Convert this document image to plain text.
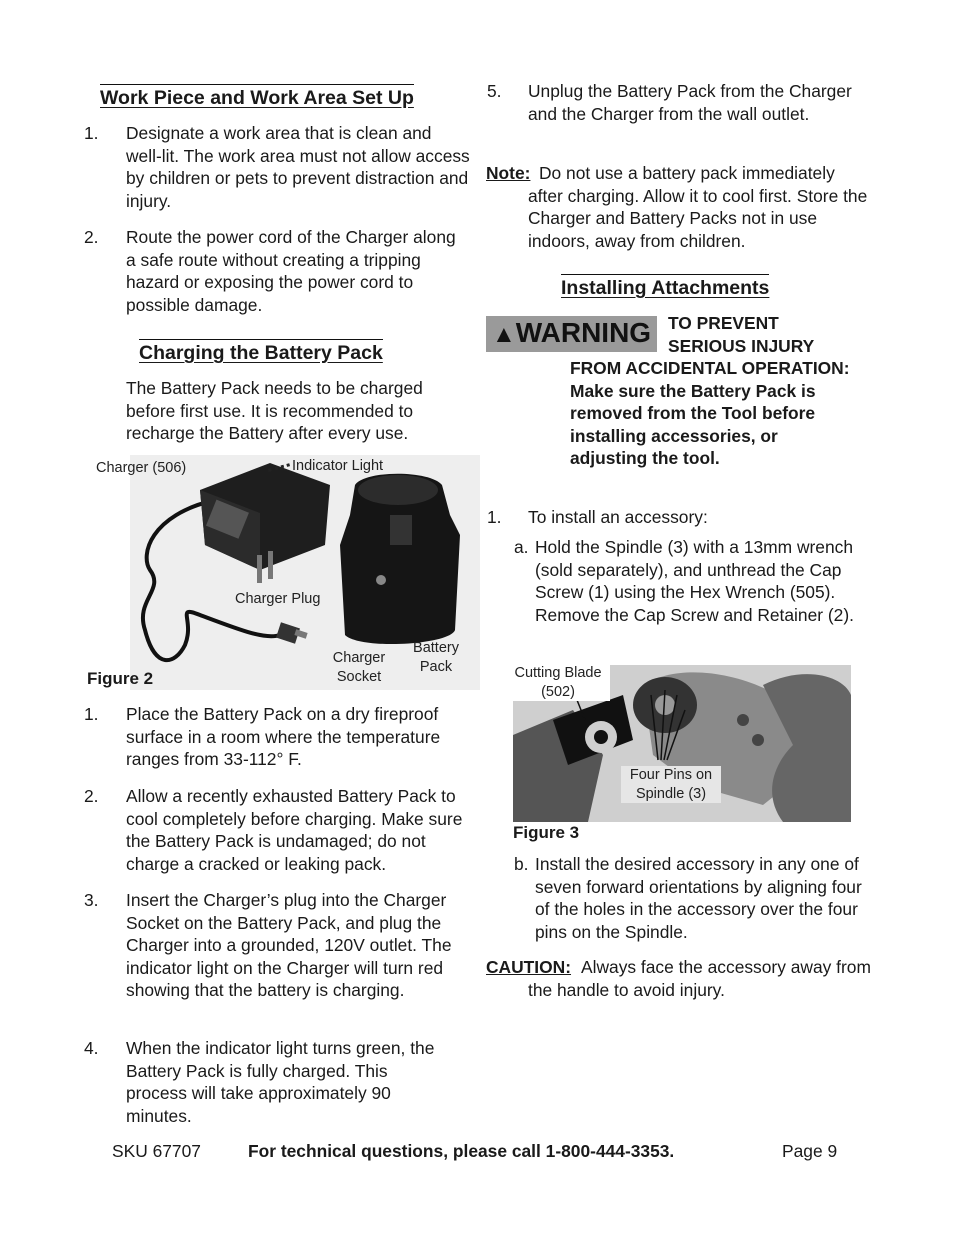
Work Piece and Work Area Set Up
1. Designate a work area that is clean and well-lit. The work area must not allow access by children or pets to prevent distraction and injury.
2. Route the power cord of the Charger along a safe route without creating a tripping hazard or exposing the power cord to possible damage.
Charging the Battery Pack
The Battery Pack needs to be charged before first use. It is recommended to recharge the Battery after every use.
Charger (506)	Indicator Light
Charger Plug
Charger Socket
Battery Pack
Figure 2
1. Place the Battery Pack on a dry fireproof surface in a room where the temperature ranges from 33-112° F.
2. Allow a recently exhausted Battery Pack to cool completely before charging. Make sure the Battery Pack is undamaged; do not charge a cracked or leaking pack.
3. Insert the Charger’s plug into the Charger Socket on the Battery Pack, and plug the Charger into a grounded, 120V outlet. The indicator light on the Charger will turn red showing that the battery is charging.
4. When the indicator light turns green, the Battery Pack is fully charged. This process will take approximately 90 minutes.
5. Unplug the Battery Pack from the Charger and the Charger from the wall outlet.
Note: Do not use a battery pack immediately after charging. Allow it to cool first. Store the Charger and Battery Packs not in use indoors, away from children.
Installing Attachments
▲WARNING TO PREVENT SERIOUS INJURY
FROM ACCIDENTAL OPERATION: Make sure the Battery Pack is removed from the Tool before installing accessories, or adjusting the tool.
1. To install an accessory:
a. Hold the Spindle (3) with a 13mm wrench (sold separately), and unthread the Cap Screw (1) using the Hex Wrench (505). Remove the Cap Screw and Retainer (2).
Cutting Blade (502)
Four Pins on Spindle (3)
Figure 3
b. Install the desired accessory in any one of seven forward orientations by aligning four of the holes in the accessory over the four pins on the Spindle.
CAUTION: Always face the accessory away from the handle to avoid injury.
SKU 67707	For technical questions, please call 1-800-444-3353.	Page 9
